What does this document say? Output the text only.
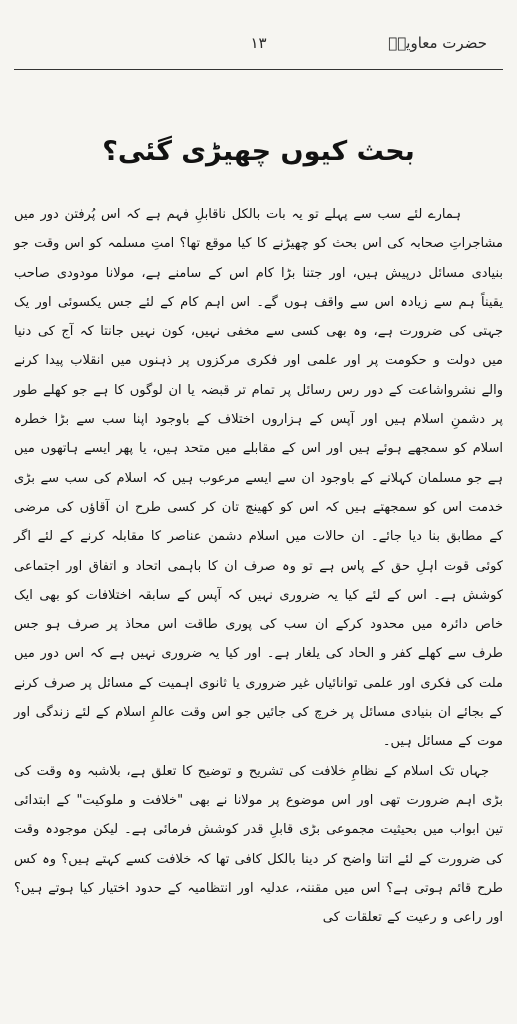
حضرت معاویہؓ
۱۳
بحث کیوں چھیڑی گئی؟

ہمارے لئے سب سے پہلے تو یہ بات بالکل ناقابلِ فہم ہے کہ اس پُرفتن دور میں مشاجراتِ صحابہ کی اس بحث کو چھیڑنے کا کیا موقع تھا؟ امتِ مسلمہ کو اس وقت جو بنیادی مسائل درپیش ہیں، اور جتنا بڑا کام اس کے سامنے ہے، مولانا مودودی صاحب یقیناً ہم سے زیادہ اس سے واقف ہوں گے۔ اس اہم کام کے لئے جس یکسوئی اور یک جہتی کی ضرورت ہے، وہ بھی کسی سے مخفی نہیں، کون نہیں جانتا کہ آج کی دنیا میں دولت و حکومت پر اور علمی اور فکری مرکزوں پر ذہنوں میں انقلاب پیدا کرنے والے نشرواشاعت کے دور رس رسائل پر تمام تر قبضہ یا ان لوگوں کا ہے جو کھلے طور پر دشمنِ اسلام ہیں اور آپس کے ہزاروں اختلاف کے باوجود اپنا سب سے بڑا خطرہ اسلام کو سمجھے ہوئے ہیں اور اس کے مقابلے میں متحد ہیں، یا پھر ایسے ہاتھوں میں ہے جو مسلمان کہلانے کے باوجود ان سے ایسے مرعوب ہیں کہ اسلام کی سب سے بڑی خدمت اس کو سمجھتے ہیں کہ اس کو کھینچ تان کر کسی طرح ان آقاؤں کی مرضی کے مطابق بنا دیا جائے۔ ان حالات میں اسلام دشمن عناصر کا مقابلہ کرنے کے لئے اگر کوئی قوت اہلِ حق کے پاس ہے تو وہ صرف ان کا باہمی اتحاد و اتفاق اور اجتماعی کوشش ہے۔ اس کے لئے کیا یہ ضروری نہیں کہ آپس کے سابقہ اختلافات کو بھی ایک خاص دائرہ میں محدود کرکے ان سب کی پوری طاقت اس محاذ پر صرف ہو جس طرف سے کھلے کفر و الحاد کی یلغار ہے۔ اور کیا یہ ضروری نہیں ہے کہ اس دور میں ملت کی فکری اور علمی توانائیاں غیر ضروری یا ثانوی اہمیت کے مسائل پر صرف کرنے کے بجائے ان بنیادی مسائل پر خرچ کی جائیں جو اس وقت عالمِ اسلام کے لئے زندگی اور موت کے مسائل ہیں۔

جہاں تک اسلام کے نظامِ خلافت کی تشریح و توضیح کا تعلق ہے، بلاشبہ وہ وقت کی بڑی اہم ضرورت تھی اور اس موضوع پر مولانا نے بھی "خلافت و ملوکیت" کے ابتدائی تین ابواب میں بحیثیت مجموعی بڑی قابلِ قدر کوشش فرمائی ہے۔ لیکن موجودہ وقت کی ضرورت کے لئے اتنا واضح کر دینا بالکل کافی تھا کہ خلافت کسے کہتے ہیں؟ وہ کس طرح قائم ہوتی ہے؟ اس میں مقننہ، عدلیہ اور انتظامیہ کے حدود اختیار کیا ہوتے ہیں؟ اور راعی و رعیت کے تعلقات کی
